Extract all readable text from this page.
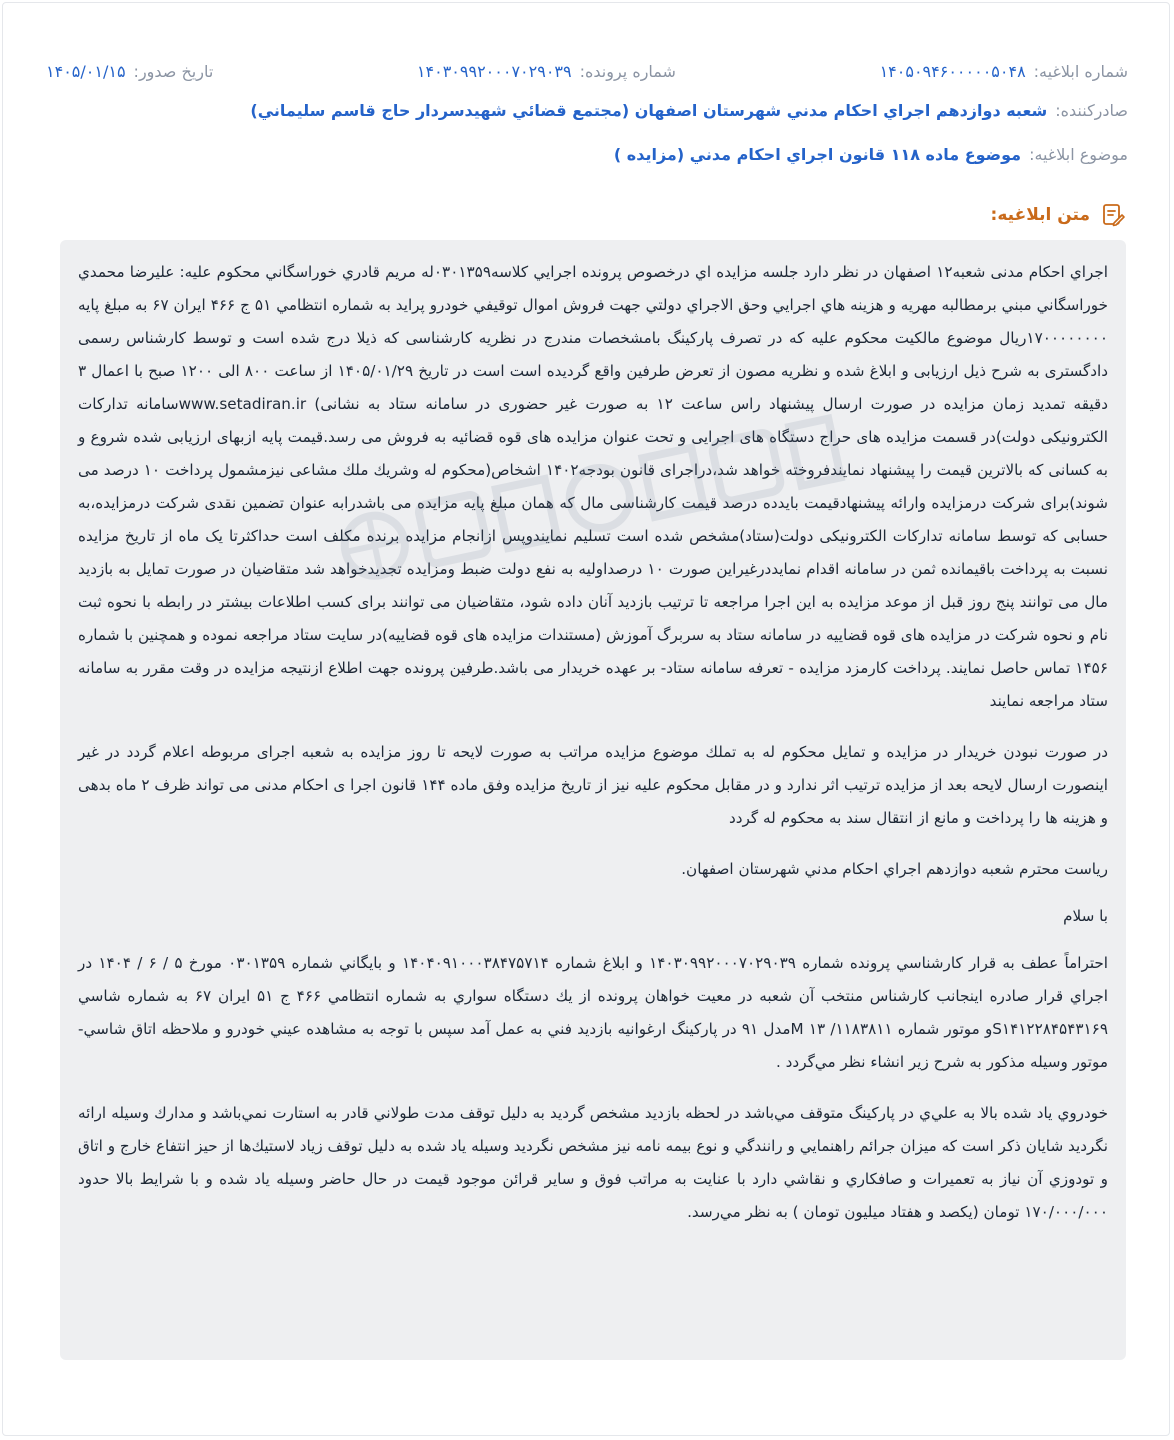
شماره ابلاغيه:
۱۴۰۵۰۹۴۶۰۰۰۰۰۵۰۴۸
شماره پرونده:
۱۴۰۳۰۹۹۲۰۰۰۷۰۲۹۰۳۹
تاريخ صدور:
۱۴۰۵/۰۱/۱۵
صادرکننده:
شعبه دوازدهم اجراي احكام مدني شهرستان اصفهان (مجتمع قضائي شهيدسردار حاج قاسم سليماني)
موضوع ابلاغيه:
موضوع ماده ۱۱۸ قانون اجراي احكام مدني (مزايده )
متن ابلاغيه:

اجراي احكام مدنی شعبه۱۲ اصفهان در نظر دارد جلسه مزايده اي درخصوص پرونده اجرايي كلاسه۰۳۰۱۳۵۹له مريم قادري خوراسگاني محكوم عليه: عليرضا محمدي خوراسگاني مبني برمطالبه مهريه و هزينه هاي اجرايي وحق الاجراي دولتي جهت فروش اموال توقيفي خودرو پرايد به شماره انتظامي ۵۱ ج ۴۶۶ ايران ۶۷ به مبلغ پايه ۱۷۰۰۰۰۰۰۰۰ريال موضوع مالكيت محكوم عليه كه در تصرف پاركينگ بامشخصات مندرج در نظريه كارشناسی كه ذيلا درج شده است و توسط كارشناس رسمی دادگستری به شرح ذيل ارزيابی و ابلاغ شده و نظريه مصون از تعرض طرفين واقع گرديده است است در تاريخ ۱۴۰۵/۰۱/۲۹ از ساعت ۸۰۰ الی ۱۲۰۰ صبح با اعمال ۳ دقيقه تمديد زمان مزايده در صورت ارسال پيشنهاد راس ساعت ۱۲ به صورت غير حضوری در سامانه ستاد به نشانی) www.setadiran.irسامانه تداركات الكترونيكی دولت)در قسمت مزايده های حراج دستگاه های اجرايی و تحت عنوان مزايده های قوه قضائيه به فروش می رسد.قيمت پايه ازبهای ارزيابی شده شروع و به كسانی كه بالاترين قيمت را پيشنهاد نمايندفروخته خواهد شد،دراجرای قانون بودجه۱۴۰۲ اشخاص(محكوم له وشريك ملك مشاعی نيزمشمول پرداخت ۱۰ درصد می شوند)برای شركت درمزايده وارائه پيشنهادقيمت بايدده درصد قيمت كارشناسی مال كه همان مبلغ پايه مزايده می باشدرابه عنوان تضمين نقدی شركت درمزايده،به حسابی كه توسط سامانه تداركات الكترونيكی دولت(ستاد)مشخص شده است تسليم نمايندوپس ازانجام مزايده برنده مكلف است حداكثرتا يک ماه از تاريخ مزايده نسبت به پرداخت باقيمانده ثمن در سامانه اقدام نمايددرغيراين صورت ۱۰ درصداوليه به نفع دولت ضبط ومزايده تجديدخواهد شد متقاضيان در صورت تمايل به بازديد مال می توانند پنج روز قبل از موعد مزايده به اين اجرا مراجعه تا ترتيب بازديد آنان داده شود، متقاضيان می توانند برای كسب اطلاعات بيشتر در رابطه با نحوه ثبت نام و نحوه شركت در مزايده های قوه قضاييه در سامانه ستاد به سربرگ آموزش (مستندات مزايده های قوه قضاييه)در سايت ستاد مراجعه نموده و همچنين با شماره ۱۴۵۶ تماس حاصل نمايند. پرداخت كارمزد مزايده - تعرفه سامانه ستاد- بر عهده خريدار می باشد.طرفين پرونده جهت اطلاع ازنتيجه مزايده در وقت مقرر به سامانه ستاد مراجعه نمايند

در صورت نبودن خريدار در مزايده و تمايل محكوم له به تملك موضوع مزايده مراتب به صورت لايحه تا روز مزايده به شعبه اجرای مربوطه اعلام گردد در غير اينصورت ارسال لايحه بعد از مزايده ترتيب اثر ندارد و در مقابل محكوم عليه نيز از تاريخ مزايده وفق ماده ۱۴۴ قانون اجرا ی احكام مدنی می تواند ظرف ۲ ماه بدهی و هزينه ها را پرداخت و مانع از انتقال سند به محكوم له گردد

رياست محترم شعبه دوازدهم اجراي احكام مدني شهرستان اصفهان.

با سلام

احتراماً عطف به قرار كارشناسي پرونده شماره ۱۴۰۳۰۹۹۲۰۰۰۷۰۲۹۰۳۹ و ابلاغ شماره ۱۴۰۴۰۹۱۰۰۰۳۸۴۷۵۷۱۴ و بايگاني شماره ۰۳۰۱۳۵۹ مورخ ۵ / ۶ / ۱۴۰۴ در اجراي قرار صادره اينجانب كارشناس منتخب آن شعبه در معيت خواهان پرونده از يك دستگاه سواري به شماره انتظامي ۴۶۶ ج ۵۱ ايران ۶۷ به شماره شاسي S۱۴۱۲۲۸۴۵۴۳۱۶۹و موتور شماره ۱۱۸۳۸۱۱/ ۱۳ Mمدل ۹۱ در پاركينگ ارغوانيه بازديد فني به عمل آمد سپس با توجه به مشاهده عيني خودرو و ملاحظه اتاق شاسي- موتور وسيله مذكور به شرح زير انشاء نظر مي‌گردد .

خودروي ياد شده بالا به علي‌ي در پاركينگ متوقف مي‌باشد در لحظه بازديد مشخص گرديد به دليل توقف مدت طولاني قادر به استارت نمي‌باشد و مدارك وسيله ارائه نگرديد شايان ذكر است كه ميزان جرائم راهنمايي و رانندگي و نوع بيمه نامه نيز مشخص نگرديد وسيله ياد شده به دليل توقف زياد لاستيك‌ها از حيز انتفاع خارج و اتاق و تودوزي آن نياز به تعميرات و صافكاري و نقاشي دارد با عنايت به مراتب فوق و ساير قرائن موجود قيمت در حال حاضر وسيله ياد شده و با شرايط بالا حدود ۱۷۰/۰۰۰/۰۰۰ تومان (يكصد و هفتاد ميليون تومان ) به نظر مي‌رسد.
